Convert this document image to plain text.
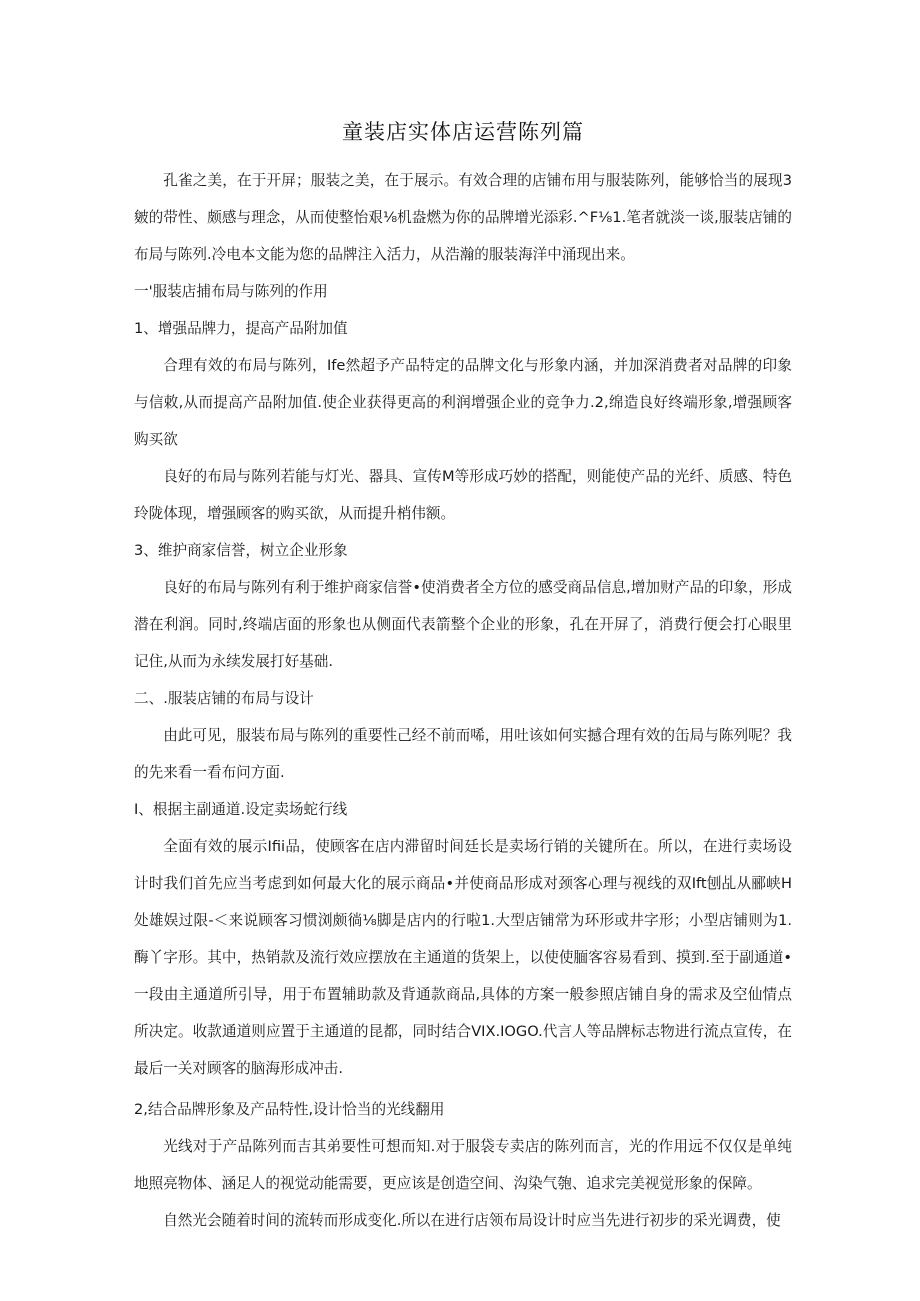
童装店实体店运营陈列篇

孔雀之美，在于开屏；服装之美，在于展示。有效合理的店铺布用与服装陈列，能够恰当的展现3皴的带性、颇感与理念，从而使整怡艰⅛机盎燃为你的品牌增光添彩.^F⅛1.笔者就淡一谈,服装店铺的布局与陈列.冷电本文能为您的品牌注入活力，从浩瀚的服装海洋中涌现出来。

一'服装店捕布局与陈列的作用

1、增强品牌力，提高产品附加值

合理有效的布局与陈列，Ife然超予产品特定的品牌文化与形象内涵，并加深消费者对品牌的印象与信敕,从而提高产品附加值.使企业获得更高的利润增强企业的竞争力.2,绵造良好终端形象,增强顾客购买欲

良好的布局与陈列若能与灯光、器具、宣传M等形成巧妙的搭配，则能使产品的光纤、质感、特色玲陇体现，增强顾客的购买欲，从而提升梢伟额。

3、维护商家信誉，树立企业形象

良好的布局与陈列有利于维护商家信誉•使消费者全方位的感受商品信息,增加财产品的印象，形成潜在利润。同时,终端店面的形象也从侧面代表箭整个企业的形象，孔在开屏了，消费行便会打心眼里记住,从而为永续发展打好基础.

二、.服装店铺的布局与设计

由此可见，服装布局与陈列的重要性己经不前而唏，用吐该如何实撼合理有效的缶局与陈列呢？我的先来看一看布问方面.

I、根据主副通道.设定卖场蛇行线

全面有效的展示Ifii品，使顾客在店内滞留时间廷长是卖场行销的关键所在。所以，在进行卖场设计时我们首先应当考虑到如何最大化的展示商品•并使商品形成对颈客心理与视线的双Ift刨乩从郦峡H处雄娱过限-＜来说顾客习惯浏颇徜⅛脚是店内的行啦1.大型店铺常为环形或井字形；小型店铺则为1.酶丫字形。其中，热销款及流行效应摆放在主通道的货架上，以使使腼客容易看到、摸到.至于副通道•一段由主通道所引导，用于布置辅助款及背通款商品,具体的方案一般参照店铺自身的需求及空仙情点所决定。收款通道则应置于主通道的昆都，同时结合VIX.IOGO.代言人等品牌标志物进行流点宣传，在最后一关对顾客的脑海形成冲击.

2,结合品牌形象及产品特性,设计恰当的光线翻用

光线对于产品陈列而吉其弟要性可想而知.对于服袋专卖店的陈列而言，光的作用远不仅仅是单纯地照亮物体、涵足人的视觉动能需要，更应该是创造空间、沟染气匏、追求完美视觉形象的保障。

自然光会随着时间的流转而形成变化.所以在进行店领布局设计时应当先进行初步的采光调费，使
